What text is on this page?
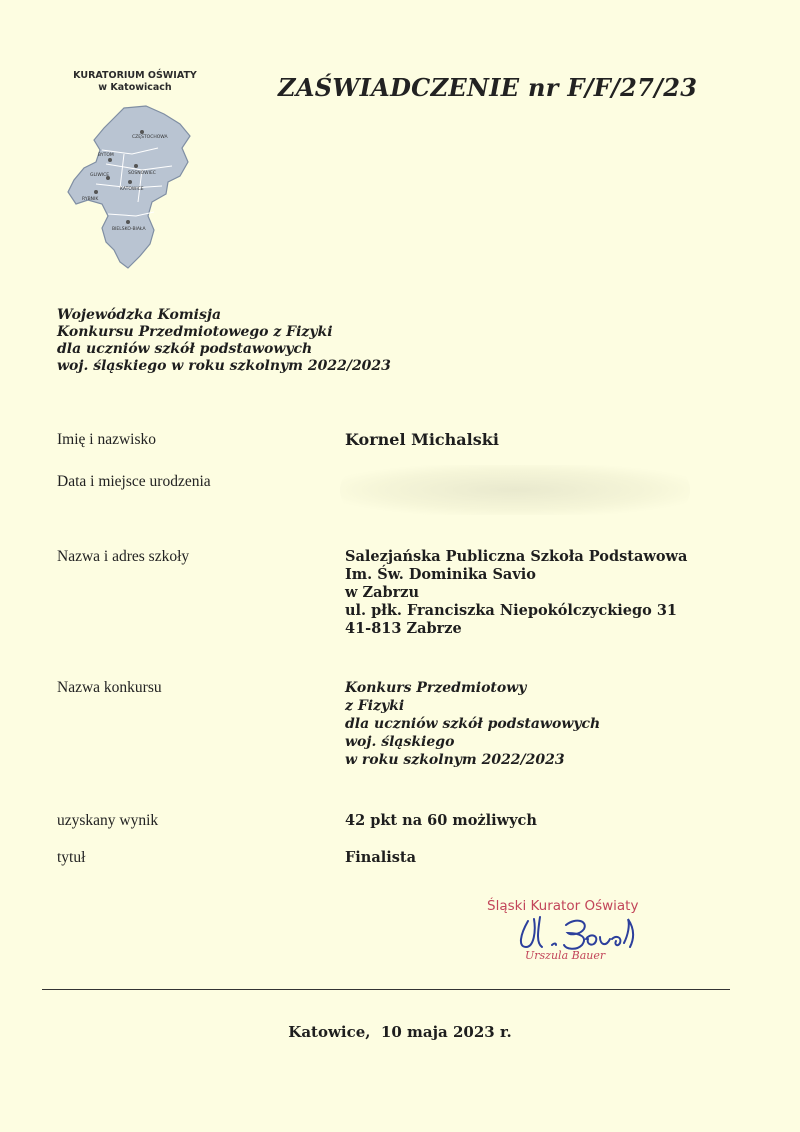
KURATORIUM OŚWIATY
w Katowicach
CZĘSTOCHOWA
BYTOM
SOSNOWIEC
GLIWICE
KATOWICE
RYBNIK
BIELSKO-BIAŁA
ZAŚWIADCZENIE nr F/F/27/23
Wojewódzka Komisja
Konkursu Przedmiotowego z Fizyki
dla uczniów szkół podstawowych
woj. śląskiego w roku szkolnym 2022/2023
Imię i nazwisko	Kornel Michalski
Data i miejsce urodzenia
Nazwa i adres szkoły	Salezjańska Publiczna Szkoła Podstawowa
Im. Św. Dominika Savio
w Zabrzu
ul. płk. Franciszka Niepokólczyckiego 31
41-813 Zabrze
Nazwa konkursu	Konkurs Przedmiotowy
z Fizyki
dla uczniów szkół podstawowych
woj. śląskiego
w roku szkolnym 2022/2023
uzyskany wynik	42 pkt na 60 możliwych
tytuł	Finalista
Śląski Kurator Oświaty
Urszula Bauer
Katowice,  10 maja 2023 r.
